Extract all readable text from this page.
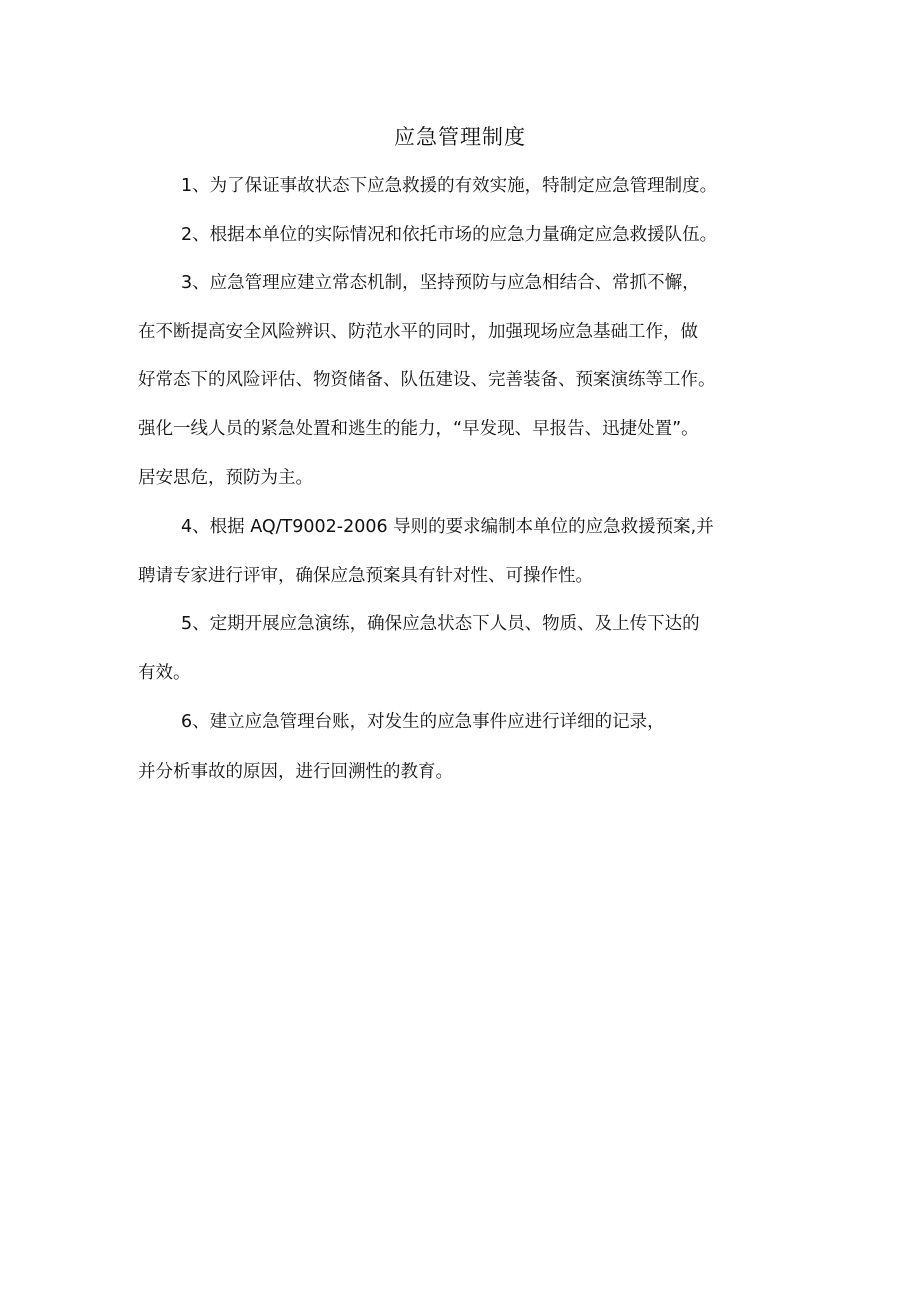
应急管理制度
1、为了保证事故状态下应急救援的有效实施，特制定应急管理制度。
2、根据本单位的实际情况和依托市场的应急力量确定应急救援队伍。
3、应急管理应建立常态机制，坚持预防与应急相结合、常抓不懈，
在不断提高安全风险辨识、防范水平的同时，加强现场应急基础工作，做
好常态下的风险评估、物资储备、队伍建设、完善装备、预案演练等工作。
强化一线人员的紧急处置和逃生的能力，“早发现、早报告、迅捷处置”。
居安思危，预防为主。
4、根据 AQ/T9002-2006 导则的要求编制本单位的应急救援预案,并
聘请专家进行评审，确保应急预案具有针对性、可操作性。
5、定期开展应急演练，确保应急状态下人员、物质、及上传下达的
有效。
6、建立应急管理台账，对发生的应急事件应进行详细的记录，
并分析事故的原因，进行回溯性的教育。
